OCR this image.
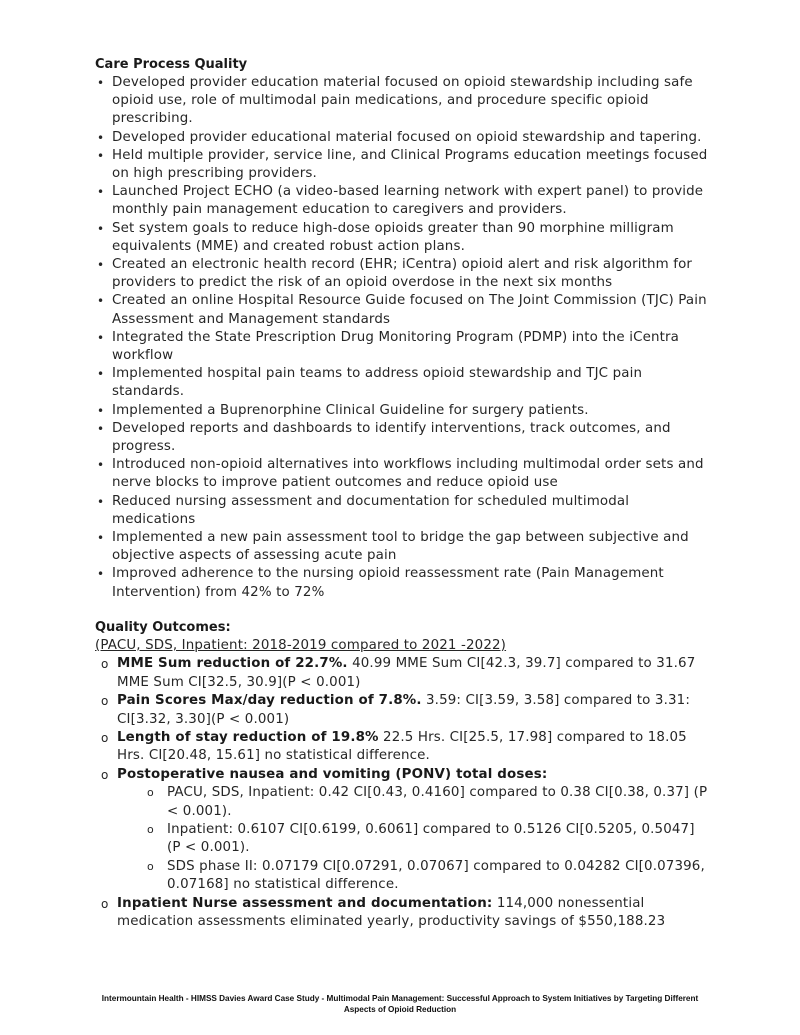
Care Process Quality
• Developed provider education material focused on opioid stewardship including safe opioid use, role of multimodal pain medications, and procedure specific opioid prescribing.
• Developed provider educational material focused on opioid stewardship and tapering.
• Held multiple provider, service line, and Clinical Programs education meetings focused on high prescribing providers.
• Launched Project ECHO (a video-based learning network with expert panel) to provide monthly pain management education to caregivers and providers.
• Set system goals to reduce high-dose opioids greater than 90 morphine milligram equivalents (MME) and created robust action plans.
• Created an electronic health record (EHR; iCentra) opioid alert and risk algorithm for providers to predict the risk of an opioid overdose in the next six months
• Created an online Hospital Resource Guide focused on The Joint Commission (TJC) Pain Assessment and Management standards
• Integrated the State Prescription Drug Monitoring Program (PDMP) into the iCentra workflow
• Implemented hospital pain teams to address opioid stewardship and TJC pain standards.
• Implemented a Buprenorphine Clinical Guideline for surgery patients.
• Developed reports and dashboards to identify interventions, track outcomes, and progress.
• Introduced non-opioid alternatives into workflows including multimodal order sets and nerve blocks to improve patient outcomes and reduce opioid use
• Reduced nursing assessment and documentation for scheduled multimodal medications
• Implemented a new pain assessment tool to bridge the gap between subjective and objective aspects of assessing acute pain
• Improved adherence to the nursing opioid reassessment rate (Pain Management Intervention) from 42% to 72%
Quality Outcomes:
(PACU, SDS, Inpatient: 2018-2019 compared to 2021 -2022)
o MME Sum reduction of 22.7%. 40.99 MME Sum CI[42.3, 39.7] compared to 31.67 MME Sum CI[32.5, 30.9](P < 0.001)
o Pain Scores Max/day reduction of 7.8%. 3.59: CI[3.59, 3.58] compared to 3.31: CI[3.32, 3.30](P < 0.001)
o Length of stay reduction of 19.8% 22.5 Hrs. CI[25.5, 17.98] compared to 18.05 Hrs. CI[20.48, 15.61] no statistical difference.
o Postoperative nausea and vomiting (PONV) total doses:
o PACU, SDS, Inpatient: 0.42 CI[0.43, 0.4160] compared to 0.38 CI[0.38, 0.37] (P < 0.001).
o Inpatient: 0.6107 CI[0.6199, 0.6061] compared to 0.5126 CI[0.5205, 0.5047] (P < 0.001).
o SDS phase II: 0.07179 CI[0.07291, 0.07067] compared to 0.04282 CI[0.07396, 0.07168] no statistical difference.
o Inpatient Nurse assessment and documentation: 114,000 nonessential medication assessments eliminated yearly, productivity savings of $550,188.23
Intermountain Health - HIMSS Davies Award Case Study - Multimodal Pain Management: Successful Approach to System Initiatives by Targeting Different
Aspects of Opioid Reduction
